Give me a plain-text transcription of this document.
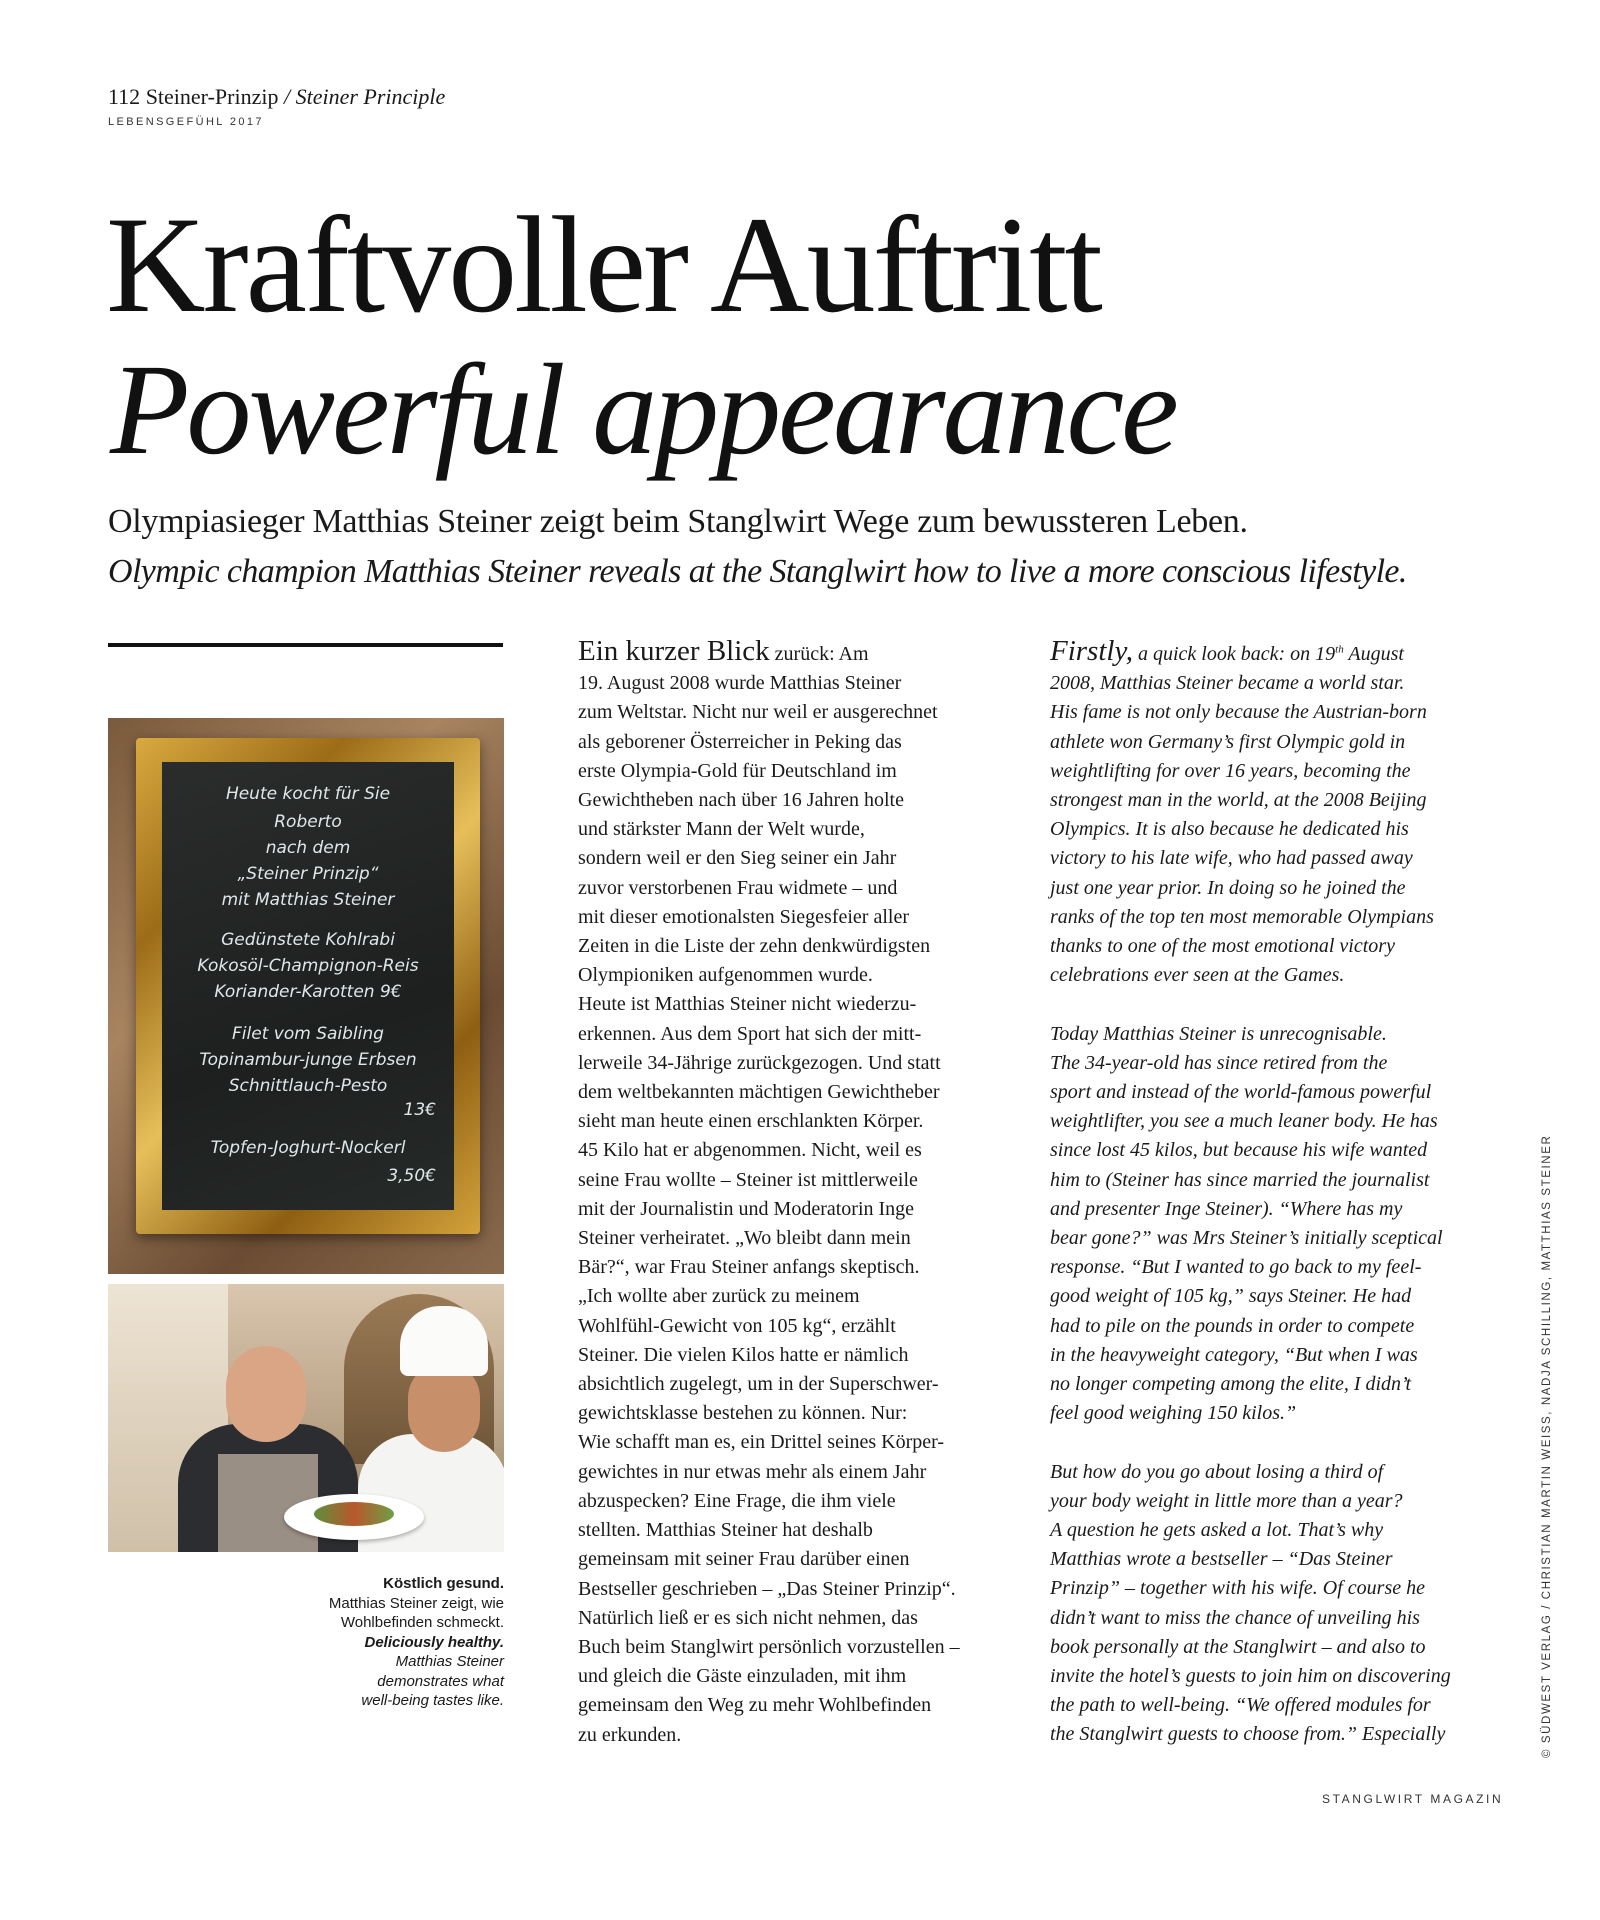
112 Steiner-Prinzip / Steiner Principle
LEBENSGEFÜHL 2017
Kraftvoller Auftritt
Powerful appearance
Olympiasieger Matthias Steiner zeigt beim Stanglwirt Wege zum bewussteren Leben.
Olympic champion Matthias Steiner reveals at the Stanglwirt how to live a more conscious lifestyle.
Heute kocht für Sie
Roberto
nach dem
„Steiner Prinzip“
mit Matthias Steiner
Gedünstete Kohlrabi
Kokosöl-Champignon-Reis
Koriander-Karotten 9€
Filet vom Saibling
Topinambur-junge Erbsen
Schnittlauch-Pesto
13€
Topfen-Joghurt-Nockerl
3,50€
Köstlich gesund.
Matthias Steiner zeigt, wie
Wohlbefinden schmeckt.
Deliciously healthy.
Matthias Steiner
demonstrates what
well-being tastes like.
Ein kurzer Blick zurück: Am
19. August 2008 wurde Matthias Steiner
zum Weltstar. Nicht nur weil er ausgerechnet
als geborener Österreicher in Peking das
erste Olympia-Gold für Deutschland im
Gewichtheben nach über 16 Jahren holte
und stärkster Mann der Welt wurde,
sondern weil er den Sieg seiner ein Jahr
zuvor verstorbenen Frau widmete – und
mit dieser emotionalsten Siegesfeier aller
Zeiten in die Liste der zehn denkwürdigsten
Olympioniken aufgenommen wurde.
Heute ist Matthias Steiner nicht wiederzu-
erkennen. Aus dem Sport hat sich der mitt-
lerweile 34-Jährige zurückgezogen. Und statt
dem weltbekannten mächtigen Gewichtheber
sieht man heute einen erschlankten Körper.
45 Kilo hat er abgenommen. Nicht, weil es
seine Frau wollte – Steiner ist mittlerweile
mit der Journalistin und Moderatorin Inge
Steiner verheiratet. „Wo bleibt dann mein
Bär?“, war Frau Steiner anfangs skeptisch.
„Ich wollte aber zurück zu meinem
Wohlfühl-Gewicht von 105 kg“, erzählt
Steiner. Die vielen Kilos hatte er nämlich
absichtlich zugelegt, um in der Superschwer-
gewichtsklasse bestehen zu können. Nur:
Wie schafft man es, ein Drittel seines Körper-
gewichtes in nur etwas mehr als einem Jahr
abzuspecken? Eine Frage, die ihm viele
stellten. Matthias Steiner hat deshalb
gemeinsam mit seiner Frau darüber einen
Bestseller geschrieben – „Das Steiner Prinzip“.
Natürlich ließ er es sich nicht nehmen, das
Buch beim Stanglwirt persönlich vorzustellen –
und gleich die Gäste einzuladen, mit ihm
gemeinsam den Weg zu mehr Wohlbefinden
zu erkunden.
Firstly, a quick look back: on 19th August
2008, Matthias Steiner became a world star.
His fame is not only because the Austrian-born
athlete won Germany’s first Olympic gold in
weightlifting for over 16 years, becoming the
strongest man in the world, at the 2008 Beijing
Olympics. It is also because he dedicated his
victory to his late wife, who had passed away
just one year prior. In doing so he joined the
ranks of the top ten most memorable Olympians
thanks to one of the most emotional victory
celebrations ever seen at the Games.
Today Matthias Steiner is unrecognisable.
The 34-year-old has since retired from the
sport and instead of the world-famous powerful
weightlifter, you see a much leaner body. He has
since lost 45 kilos, but because his wife wanted
him to (Steiner has since married the journalist
and presenter Inge Steiner). “Where has my
bear gone?” was Mrs Steiner’s initially sceptical
response. “But I wanted to go back to my feel-
good weight of 105 kg,” says Steiner. He had
had to pile on the pounds in order to compete
in the heavyweight category, “But when I was
no longer competing among the elite, I didn’t
feel good weighing 150 kilos.”
But how do you go about losing a third of
your body weight in little more than a year?
A question he gets asked a lot. That’s why
Matthias wrote a bestseller – “Das Steiner
Prinzip” – together with his wife. Of course he
didn’t want to miss the chance of unveiling his
book personally at the Stanglwirt – and also to
invite the hotel’s guests to join him on discovering
the path to well-being. “We offered modules for
the Stanglwirt guests to choose from.” Especially	© SÜDWEST VERLAG / CHRISTIAN MARTIN WEISS, NADJA SCHILLING, MATTHIAS STEINER
STANGLWIRT MAGAZIN
